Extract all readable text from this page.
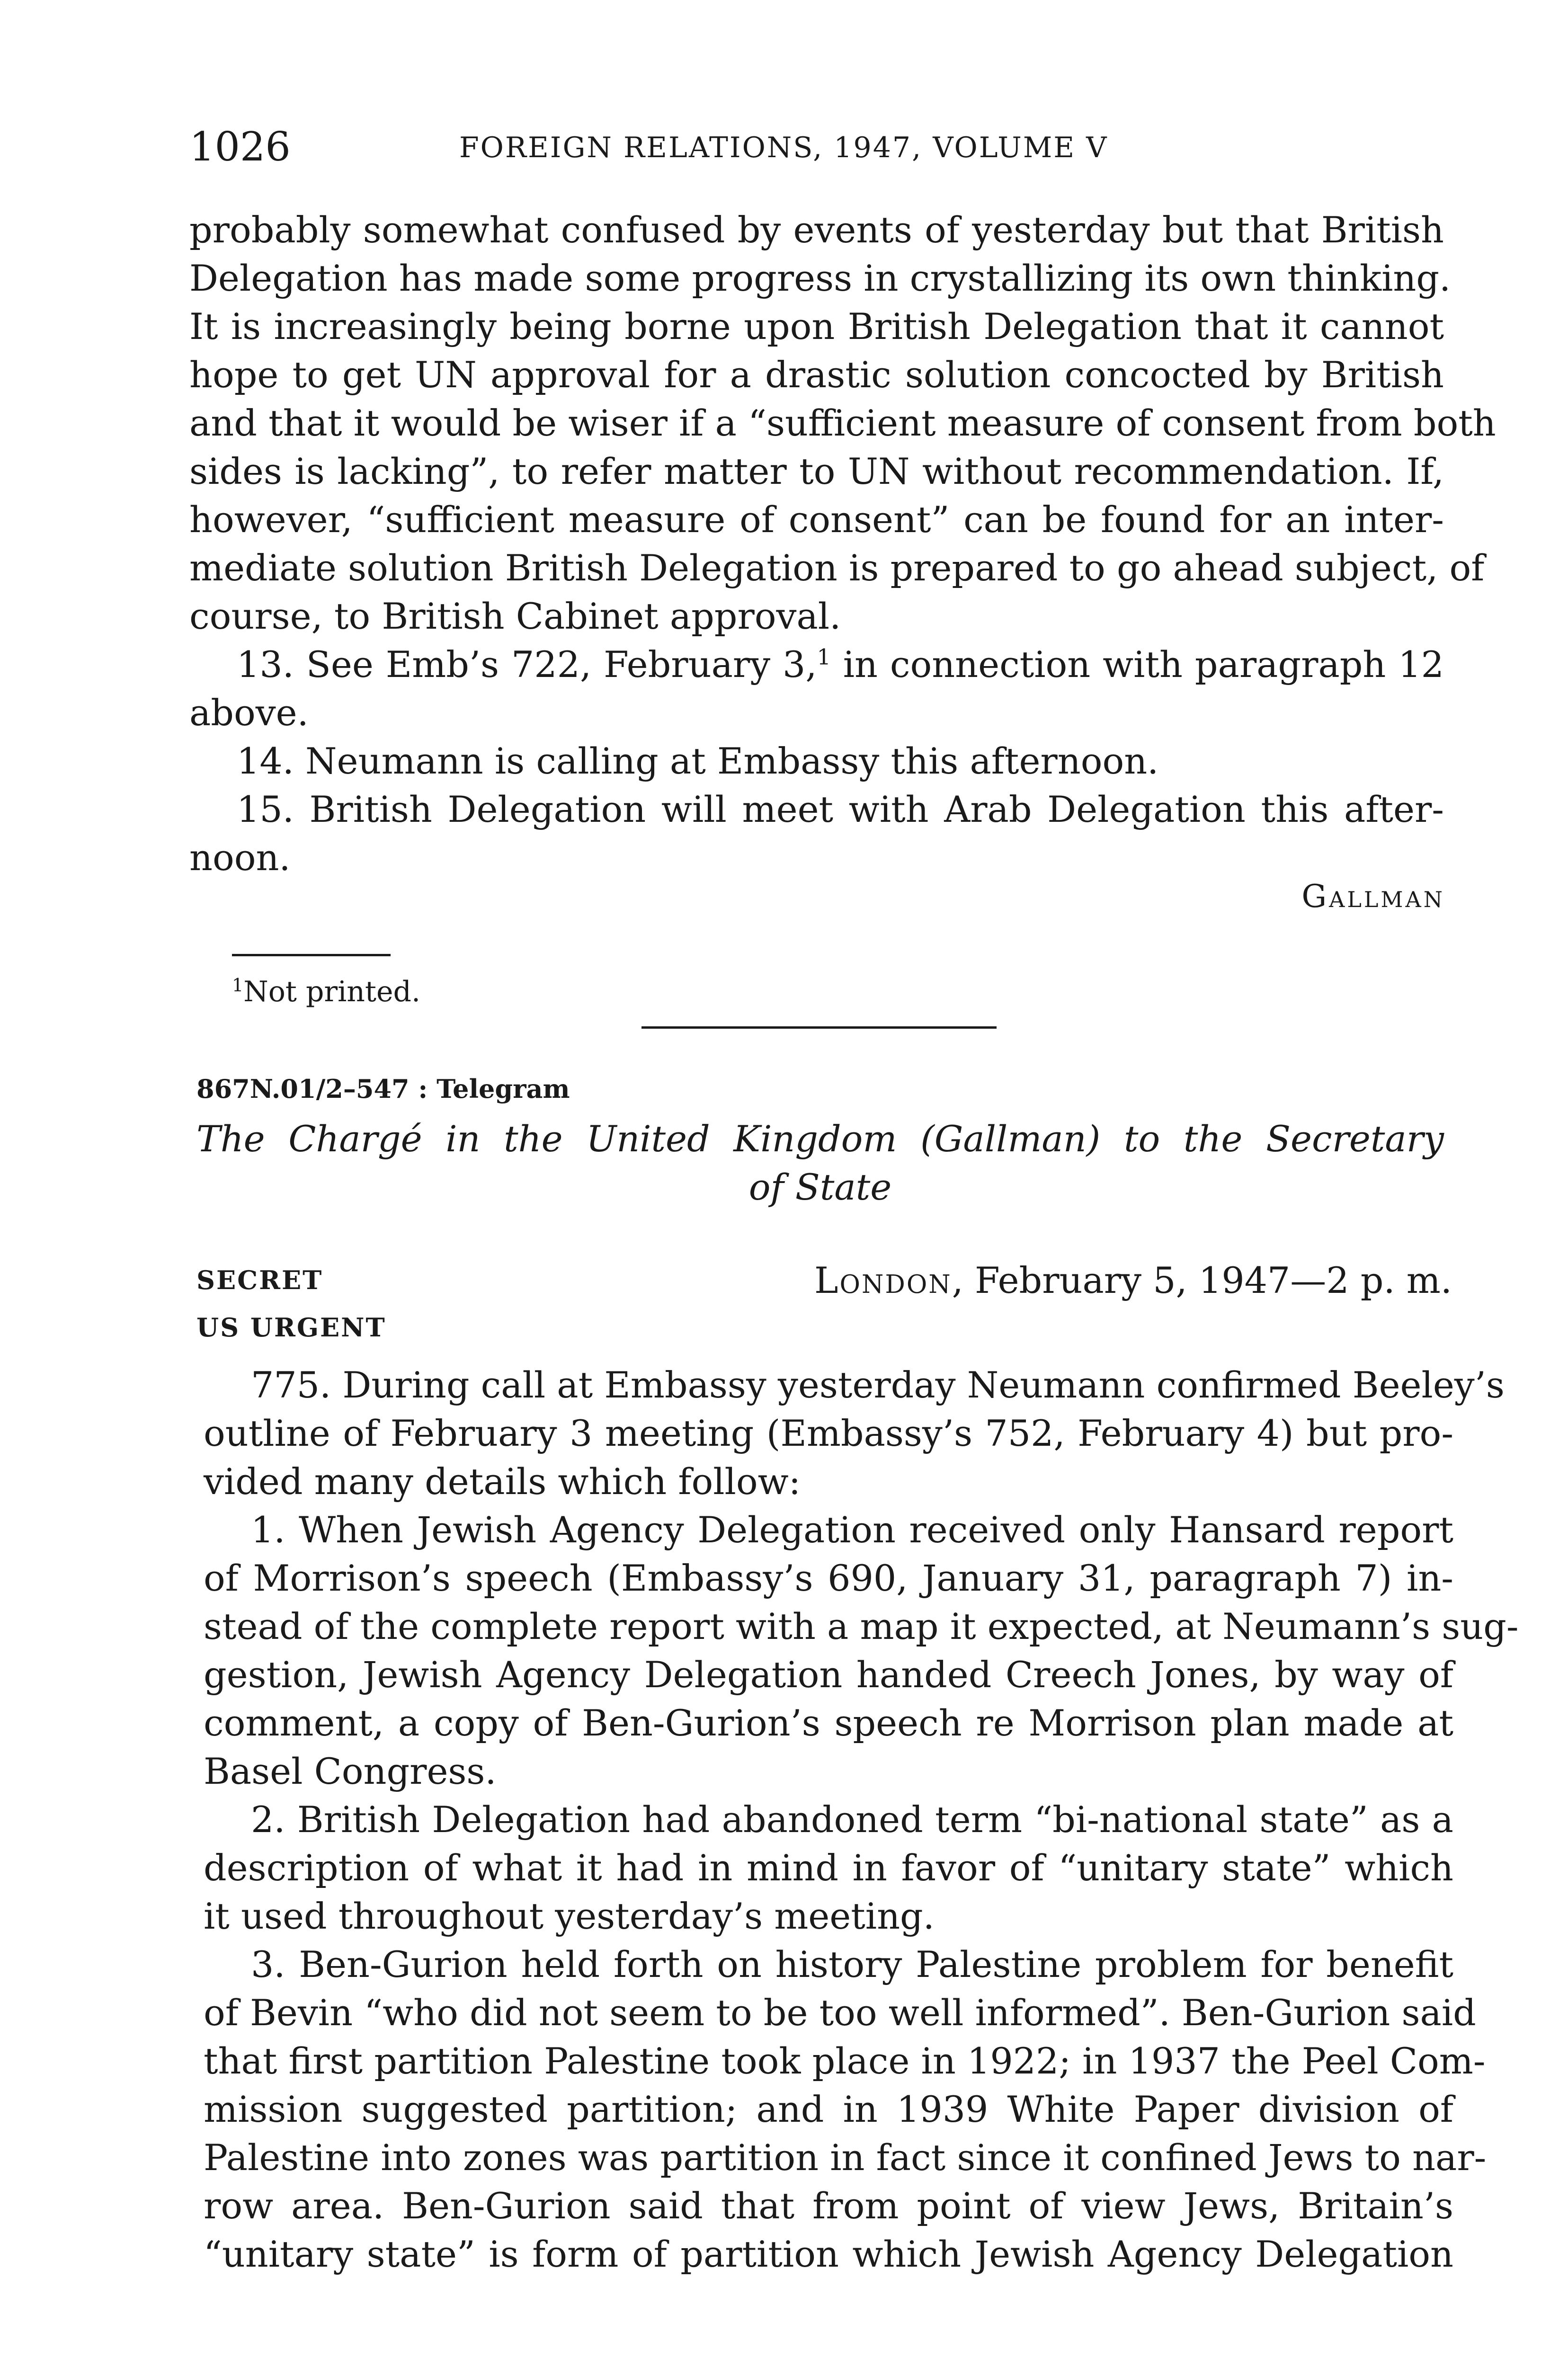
1026	FOREIGN RELATIONS, 1947, VOLUME V
probably somewhat confused by events of yesterday but that British
Delegation has made some progress in crystallizing its own thinking.
It is increasingly being borne upon British Delegation that it cannot
hope to get UN approval for a drastic solution concocted by British
and that it would be wiser if a “sufficient measure of consent from both
sides is lacking”, to refer matter to UN without recommendation. If,
however, “sufficient measure of consent” can be found for an inter-
mediate solution British Delegation is prepared to go ahead subject, of
course, to British Cabinet approval.
13. See Emb’s 722, February 3,$^1$ in connection with paragraph 12
above.
14. Neumann is calling at Embassy this afternoon.
15. British Delegation will meet with Arab Delegation this after-
noon.
Gallman
$^1$Not printed.
867N.01/2–547 : Telegram
The Chargé in the United Kingdom (Gallman) to the Secretary
of State
SECRET
US URGENT
London, February 5, 1947—2 p. m.
775. During call at Embassy yesterday Neumann confirmed Beeley’s
outline of February 3 meeting (Embassy’s 752, February 4) but pro-
vided many details which follow:
1. When Jewish Agency Delegation received only Hansard report
of Morrison’s speech (Embassy’s 690, January 31, paragraph 7) in-
stead of the complete report with a map it expected, at Neumann’s sug-
gestion, Jewish Agency Delegation handed Creech Jones, by way of
comment, a copy of Ben-Gurion’s speech re Morrison plan made at
Basel Congress.
2. British Delegation had abandoned term “bi-national state” as a
description of what it had in mind in favor of “unitary state” which
it used throughout yesterday’s meeting.
3. Ben-Gurion held forth on history Palestine problem for benefit
of Bevin “who did not seem to be too well informed”. Ben-Gurion said
that first partition Palestine took place in 1922; in 1937 the Peel Com-
mission suggested partition; and in 1939 White Paper division of
Palestine into zones was partition in fact since it confined Jews to nar-
row area. Ben-Gurion said that from point of view Jews, Britain’s
“unitary state” is form of partition which Jewish Agency Delegation
